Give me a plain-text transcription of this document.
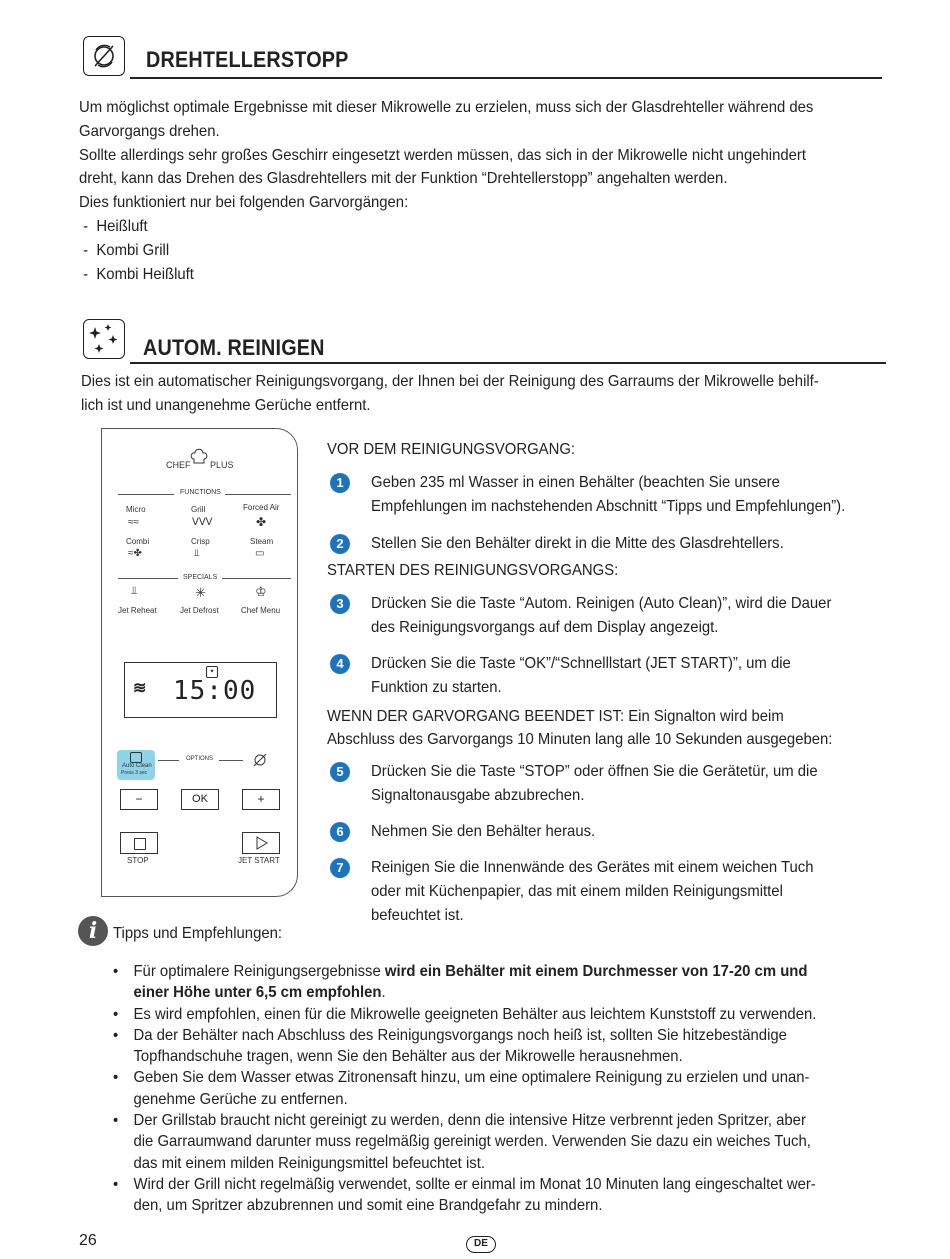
DREHTELLERSTOPP
Um möglichst optimale Ergebnisse mit dieser Mikrowelle zu erzielen, muss sich der Glasdrehteller während des
Garvorgangs drehen.
Sollte allerdings sehr großes Geschirr eingesetzt werden müssen, das sich in der Mikrowelle nicht ungehindert
dreht, kann das Drehen des Glasdrehtellers mit der Funktion “Drehtellerstopp” angehalten werden.
Dies funktioniert nur bei folgenden Garvorgängen:
-  Heißluft
-  Kombi Grill
-  Kombi Heißluft
AUTOM. REINIGEN
Dies ist ein automatischer Reinigungsvorgang, der Ihnen bei der Reinigung des Garraums der Mikrowelle behilf-
lich ist und unangenehme Gerüche entfernt.
CHEF PLUS
FUNCTIONS
Micro	Grill	Forced Air
≈≈	ᐯᐯᐯ	✤
Combi	Crisp	Steam
≈✤	⫫	▭
SPECIALS
⫫	✳	♔
Jet Reheat	Jet Defrost	Chef Menu
✦
≋ 15:00
Auto Clean
Press 3 sec
OPTIONS
−	OK	+
STOP	JET START
VOR DEM REINIGUNGSVORGANG:
1	Geben 235 ml Wasser in einen Behälter (beachten Sie unsere
Empfehlungen im nachstehenden Abschnitt “Tipps und Empfehlungen”).
2	Stellen Sie den Behälter direkt in die Mitte des Glasdrehtellers.
STARTEN DES REINIGUNGSVORGANGS:
3	Drücken Sie die Taste “Autom. Reinigen (Auto Clean)”, wird die Dauer
des Reinigungsvorgangs auf dem Display angezeigt.
4	Drücken Sie die Taste “OK”/“Schnelllstart (JET START)”, um die
Funktion zu starten.
WENN DER GARVORGANG BEENDET IST: Ein Signalton wird beim
Abschluss des Garvorgangs 10 Minuten lang alle 10 Sekunden ausgegeben:
5	Drücken Sie die Taste “STOP” oder öffnen Sie die Gerätetür, um die
Signaltonausgabe abzubrechen.
6	Nehmen Sie den Behälter heraus.
7	Reinigen Sie die Innenwände des Gerätes mit einem weichen Tuch
oder mit Küchenpapier, das mit einem milden Reinigungsmittel
befeuchtet ist.
i Tipps und Empfehlungen:
• Für optimalere Reinigungsergebnisse wird ein Behälter mit einem Durchmesser von 17-20 cm und
einer Höhe unter 6,5 cm empfohlen.
• Es wird empfohlen, einen für die Mikrowelle geeigneten Behälter aus leichtem Kunststoff zu verwenden.
• Da der Behälter nach Abschluss des Reinigungsvorgangs noch heiß ist, sollten Sie hitzebeständige
Topfhandschuhe tragen, wenn Sie den Behälter aus der Mikrowelle herausnehmen.
• Geben Sie dem Wasser etwas Zitronensaft hinzu, um eine optimalere Reinigung zu erzielen und unan-
genehme Gerüche zu entfernen.
• Der Grillstab braucht nicht gereinigt zu werden, denn die intensive Hitze verbrennt jeden Spritzer, aber
die Garraumwand darunter muss regelmäßig gereinigt werden. Verwenden Sie dazu ein weiches Tuch,
das mit einem milden Reinigungsmittel befeuchtet ist.
• Wird der Grill nicht regelmäßig verwendet, sollte er einmal im Monat 10 Minuten lang eingeschaltet wer-
den, um Spritzer abzubrennen und somit eine Brandgefahr zu mindern.
26	DE
